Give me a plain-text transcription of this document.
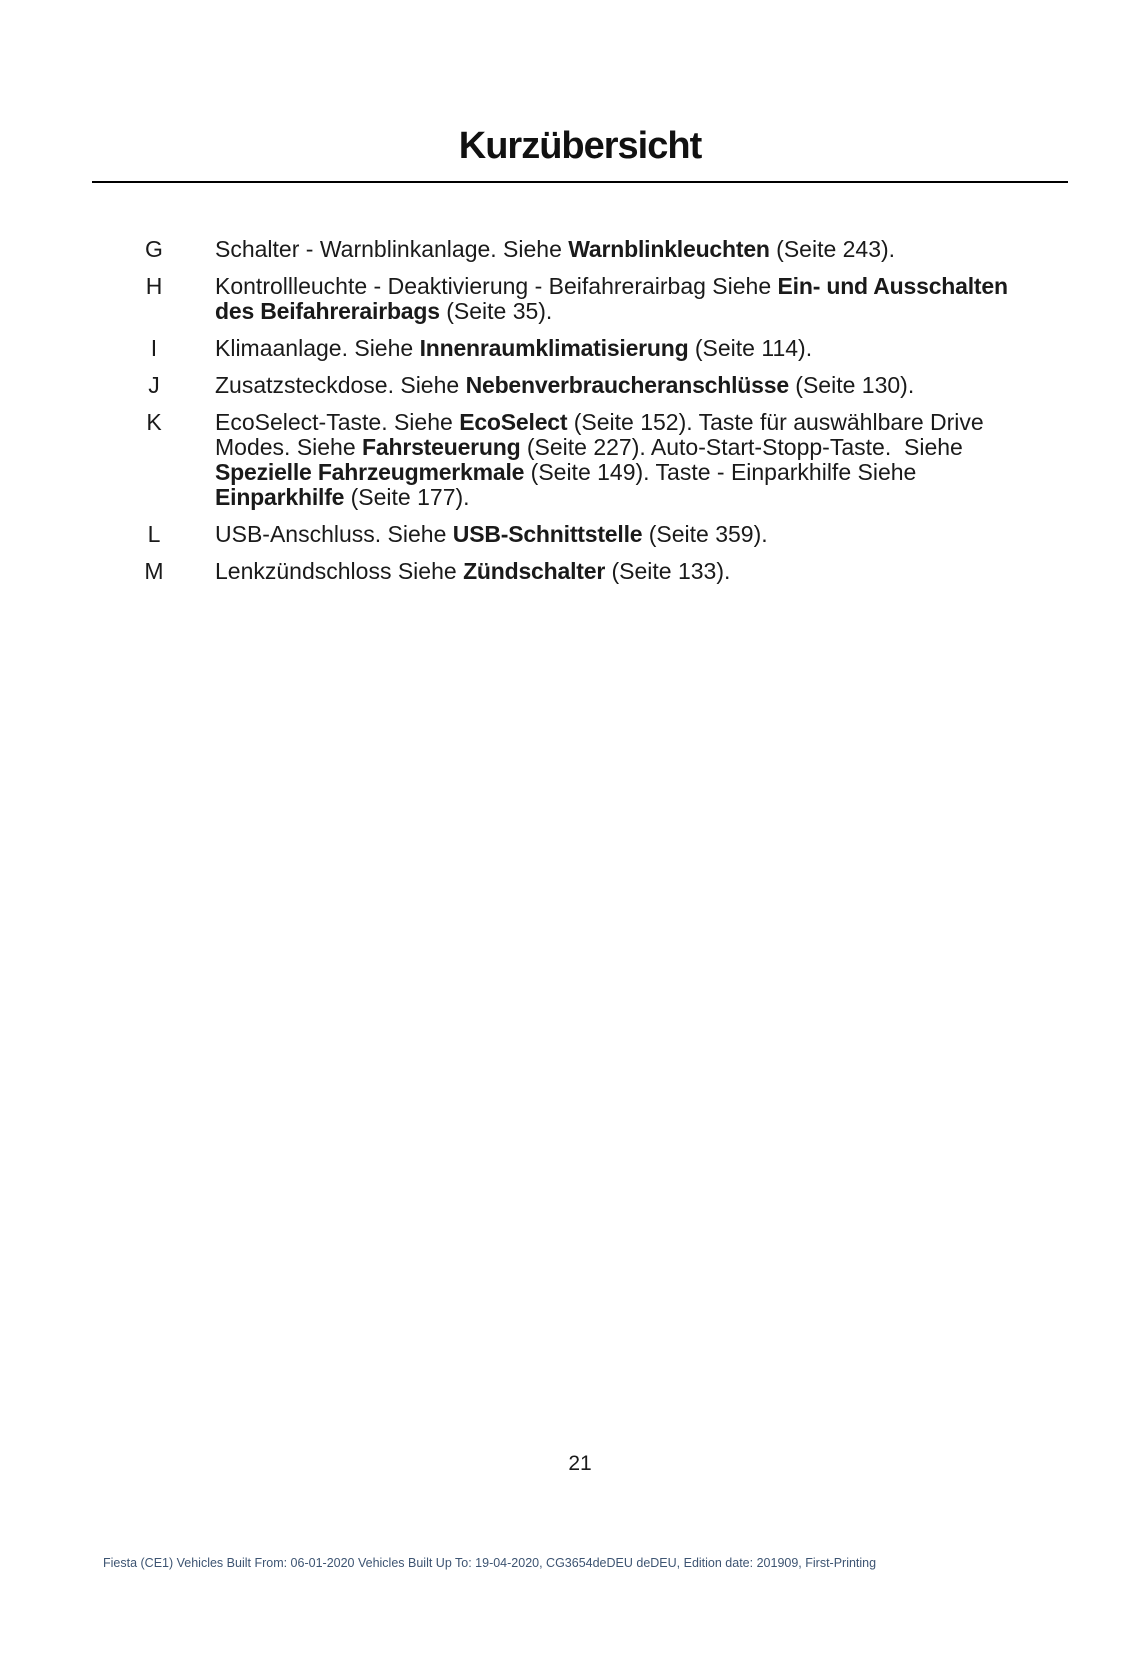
Kurzübersicht
G	Schalter - Warnblinkanlage. Siehe Warnblinkleuchten (Seite 243).
H	Kontrollleuchte - Deaktivierung - Beifahrerairbag Siehe Ein- und Ausschalten des Beifahrerairbags (Seite 35).
I	Klimaanlage. Siehe Innenraumklimatisierung (Seite 114).
J	Zusatzsteckdose. Siehe Nebenverbraucheranschlüsse (Seite 130).
K	EcoSelect-Taste. Siehe EcoSelect (Seite 152). Taste für auswählbare Drive Modes. Siehe Fahrsteuerung (Seite 227). Auto-Start-Stopp-Taste.  Siehe Spezielle Fahrzeugmerkmale (Seite 149). Taste - Einparkhilfe Siehe Einparkhilfe (Seite 177).
L	USB-Anschluss. Siehe USB-Schnittstelle (Seite 359).
M	Lenkzündschloss Siehe Zündschalter (Seite 133).
21
Fiesta (CE1) Vehicles Built From: 06-01-2020 Vehicles Built Up To: 19-04-2020, CG3654deDEU deDEU, Edition date: 201909, First-Printing
